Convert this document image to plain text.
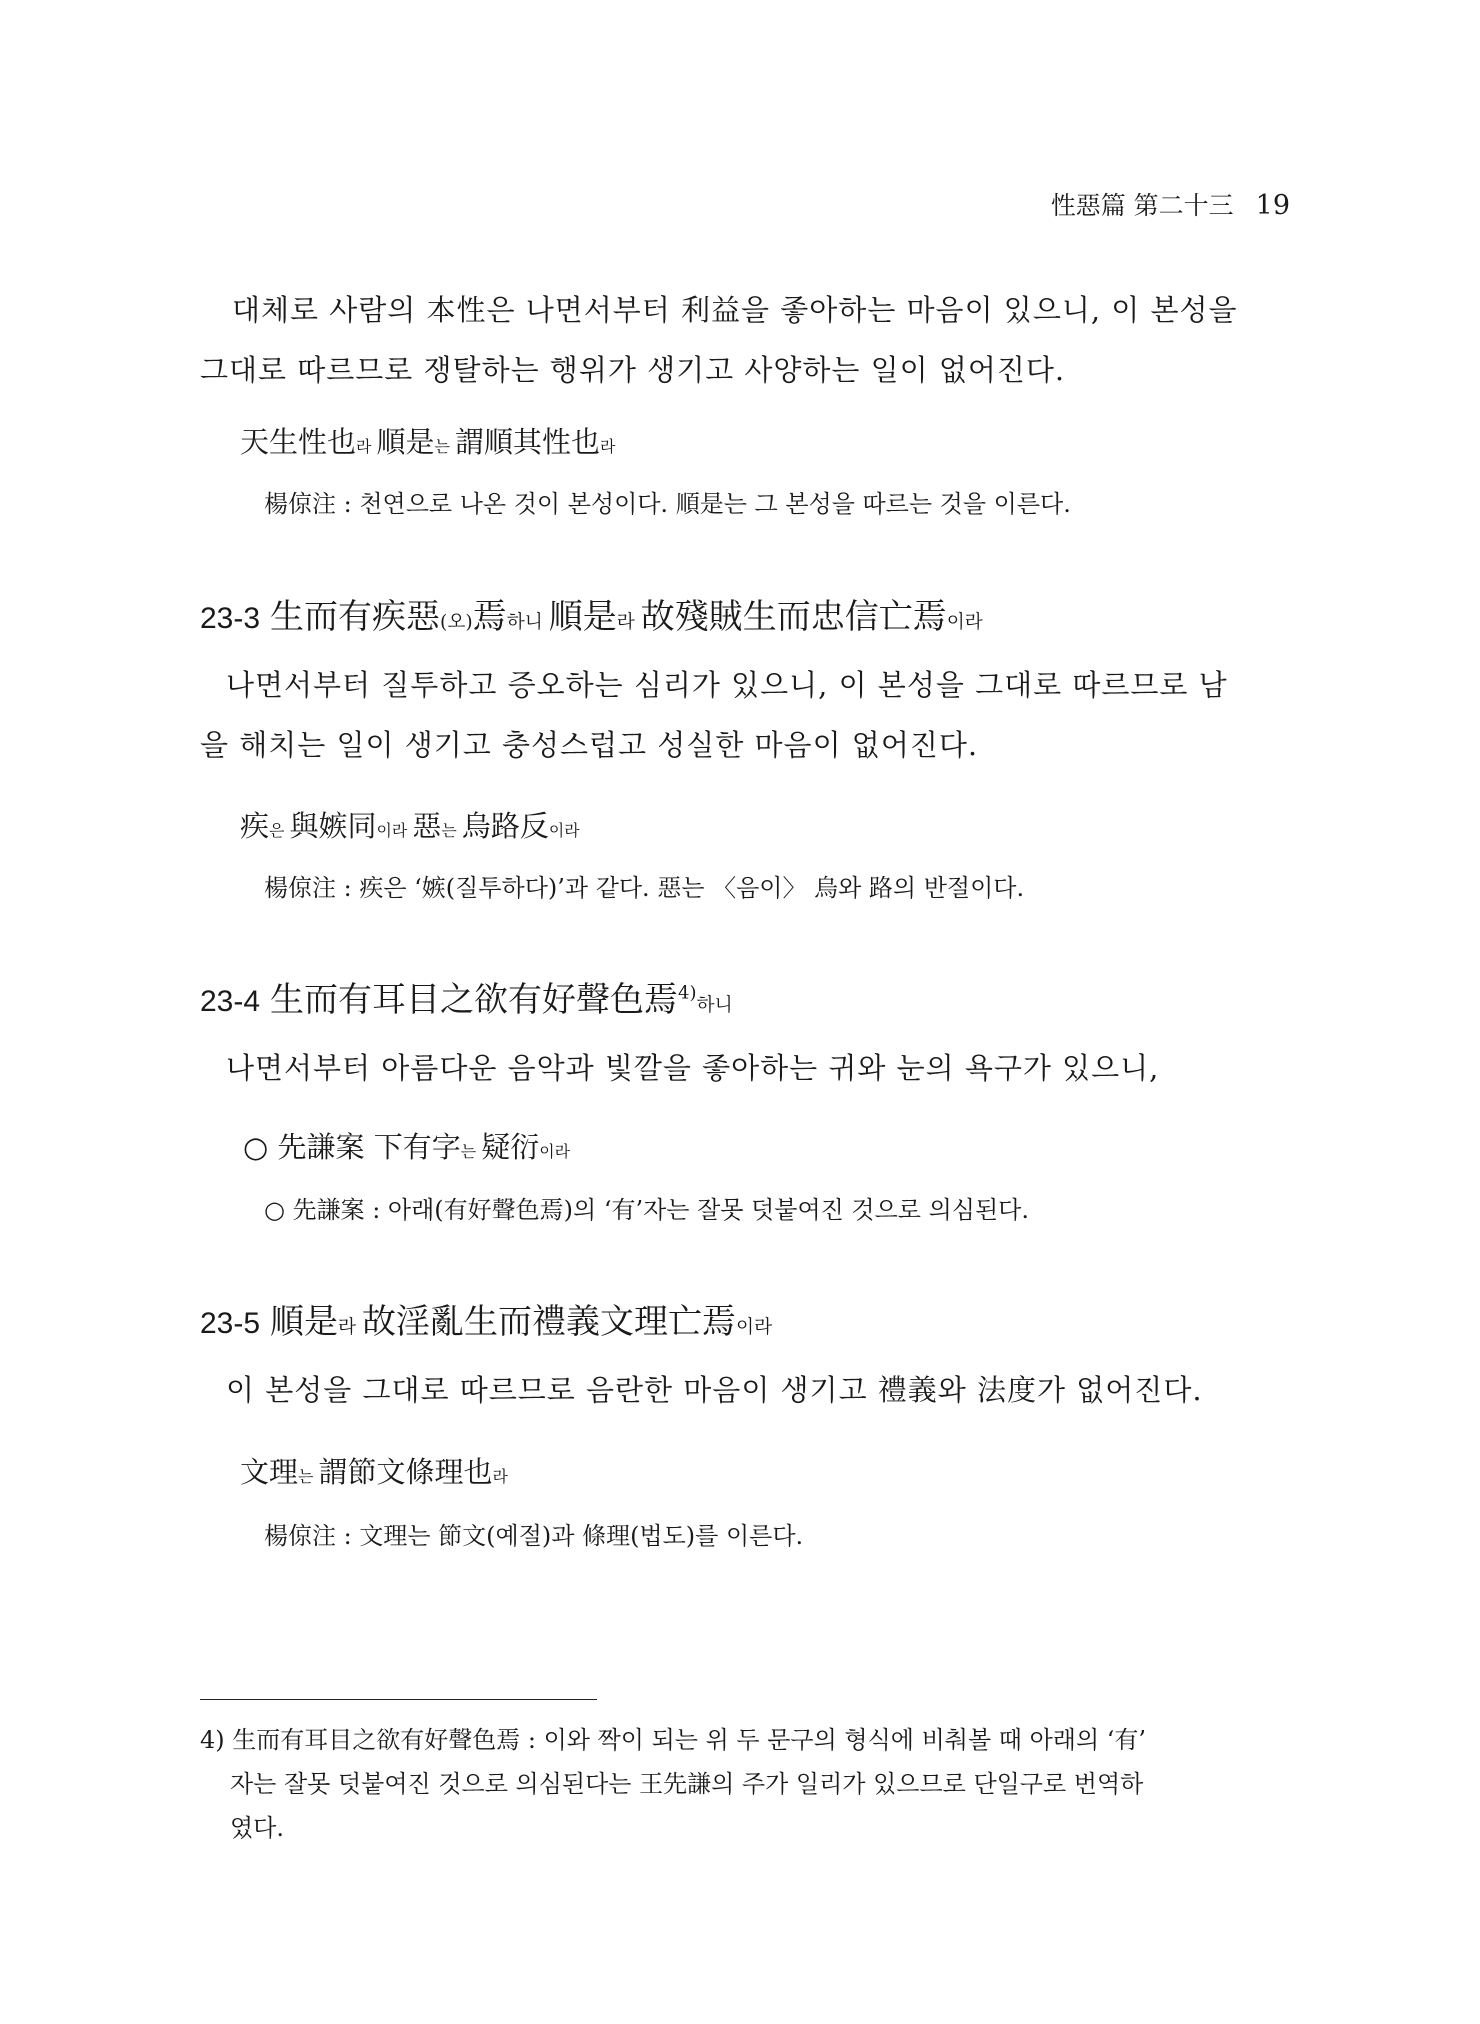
性惡篇 第二十三 19
대체로 사람의 本性은 나면서부터 利益을 좋아하는 마음이 있으니, 이 본성을
그대로 따르므로 쟁탈하는 행위가 생기고 사양하는 일이 없어진다.
天生性也라 順是는 謂順其性也라
楊倞注 : 천연으로 나온 것이 본성이다. 順是는 그 본성을 따르는 것을 이른다.
23-3 生而有疾惡(오)焉하니 順是라 故殘賊生而忠信亡焉이라
나면서부터 질투하고 증오하는 심리가 있으니, 이 본성을 그대로 따르므로 남
을 해치는 일이 생기고 충성스럽고 성실한 마음이 없어진다.
疾은 與嫉同이라 惡는 烏路反이라
楊倞注 : 疾은 ‘嫉(질투하다)’과 같다. 惡는 〈음이〉 烏와 路의 반절이다.
23-4 生而有耳目之欲有好聲色焉$^{4)}$하니
나면서부터 아름다운 음악과 빛깔을 좋아하는 귀와 눈의 욕구가 있으니,
○ 先謙案 下有字는 疑衍이라
○ 先謙案 : 아래(有好聲色焉)의 ‘有’자는 잘못 덧붙여진 것으로 의심된다.
23-5 順是라 故淫亂生而禮義文理亡焉이라
이 본성을 그대로 따르므로 음란한 마음이 생기고 禮義와 法度가 없어진다.
文理는 謂節文條理也라
楊倞注 : 文理는 節文(예절)과 條理(법도)를 이른다.
4) 生而有耳目之欲有好聲色焉 : 이와 짝이 되는 위 두 문구의 형식에 비춰볼 때 아래의 ‘有’
자는 잘못 덧붙여진 것으로 의심된다는 王先謙의 주가 일리가 있으므로 단일구로 번역하
였다.
